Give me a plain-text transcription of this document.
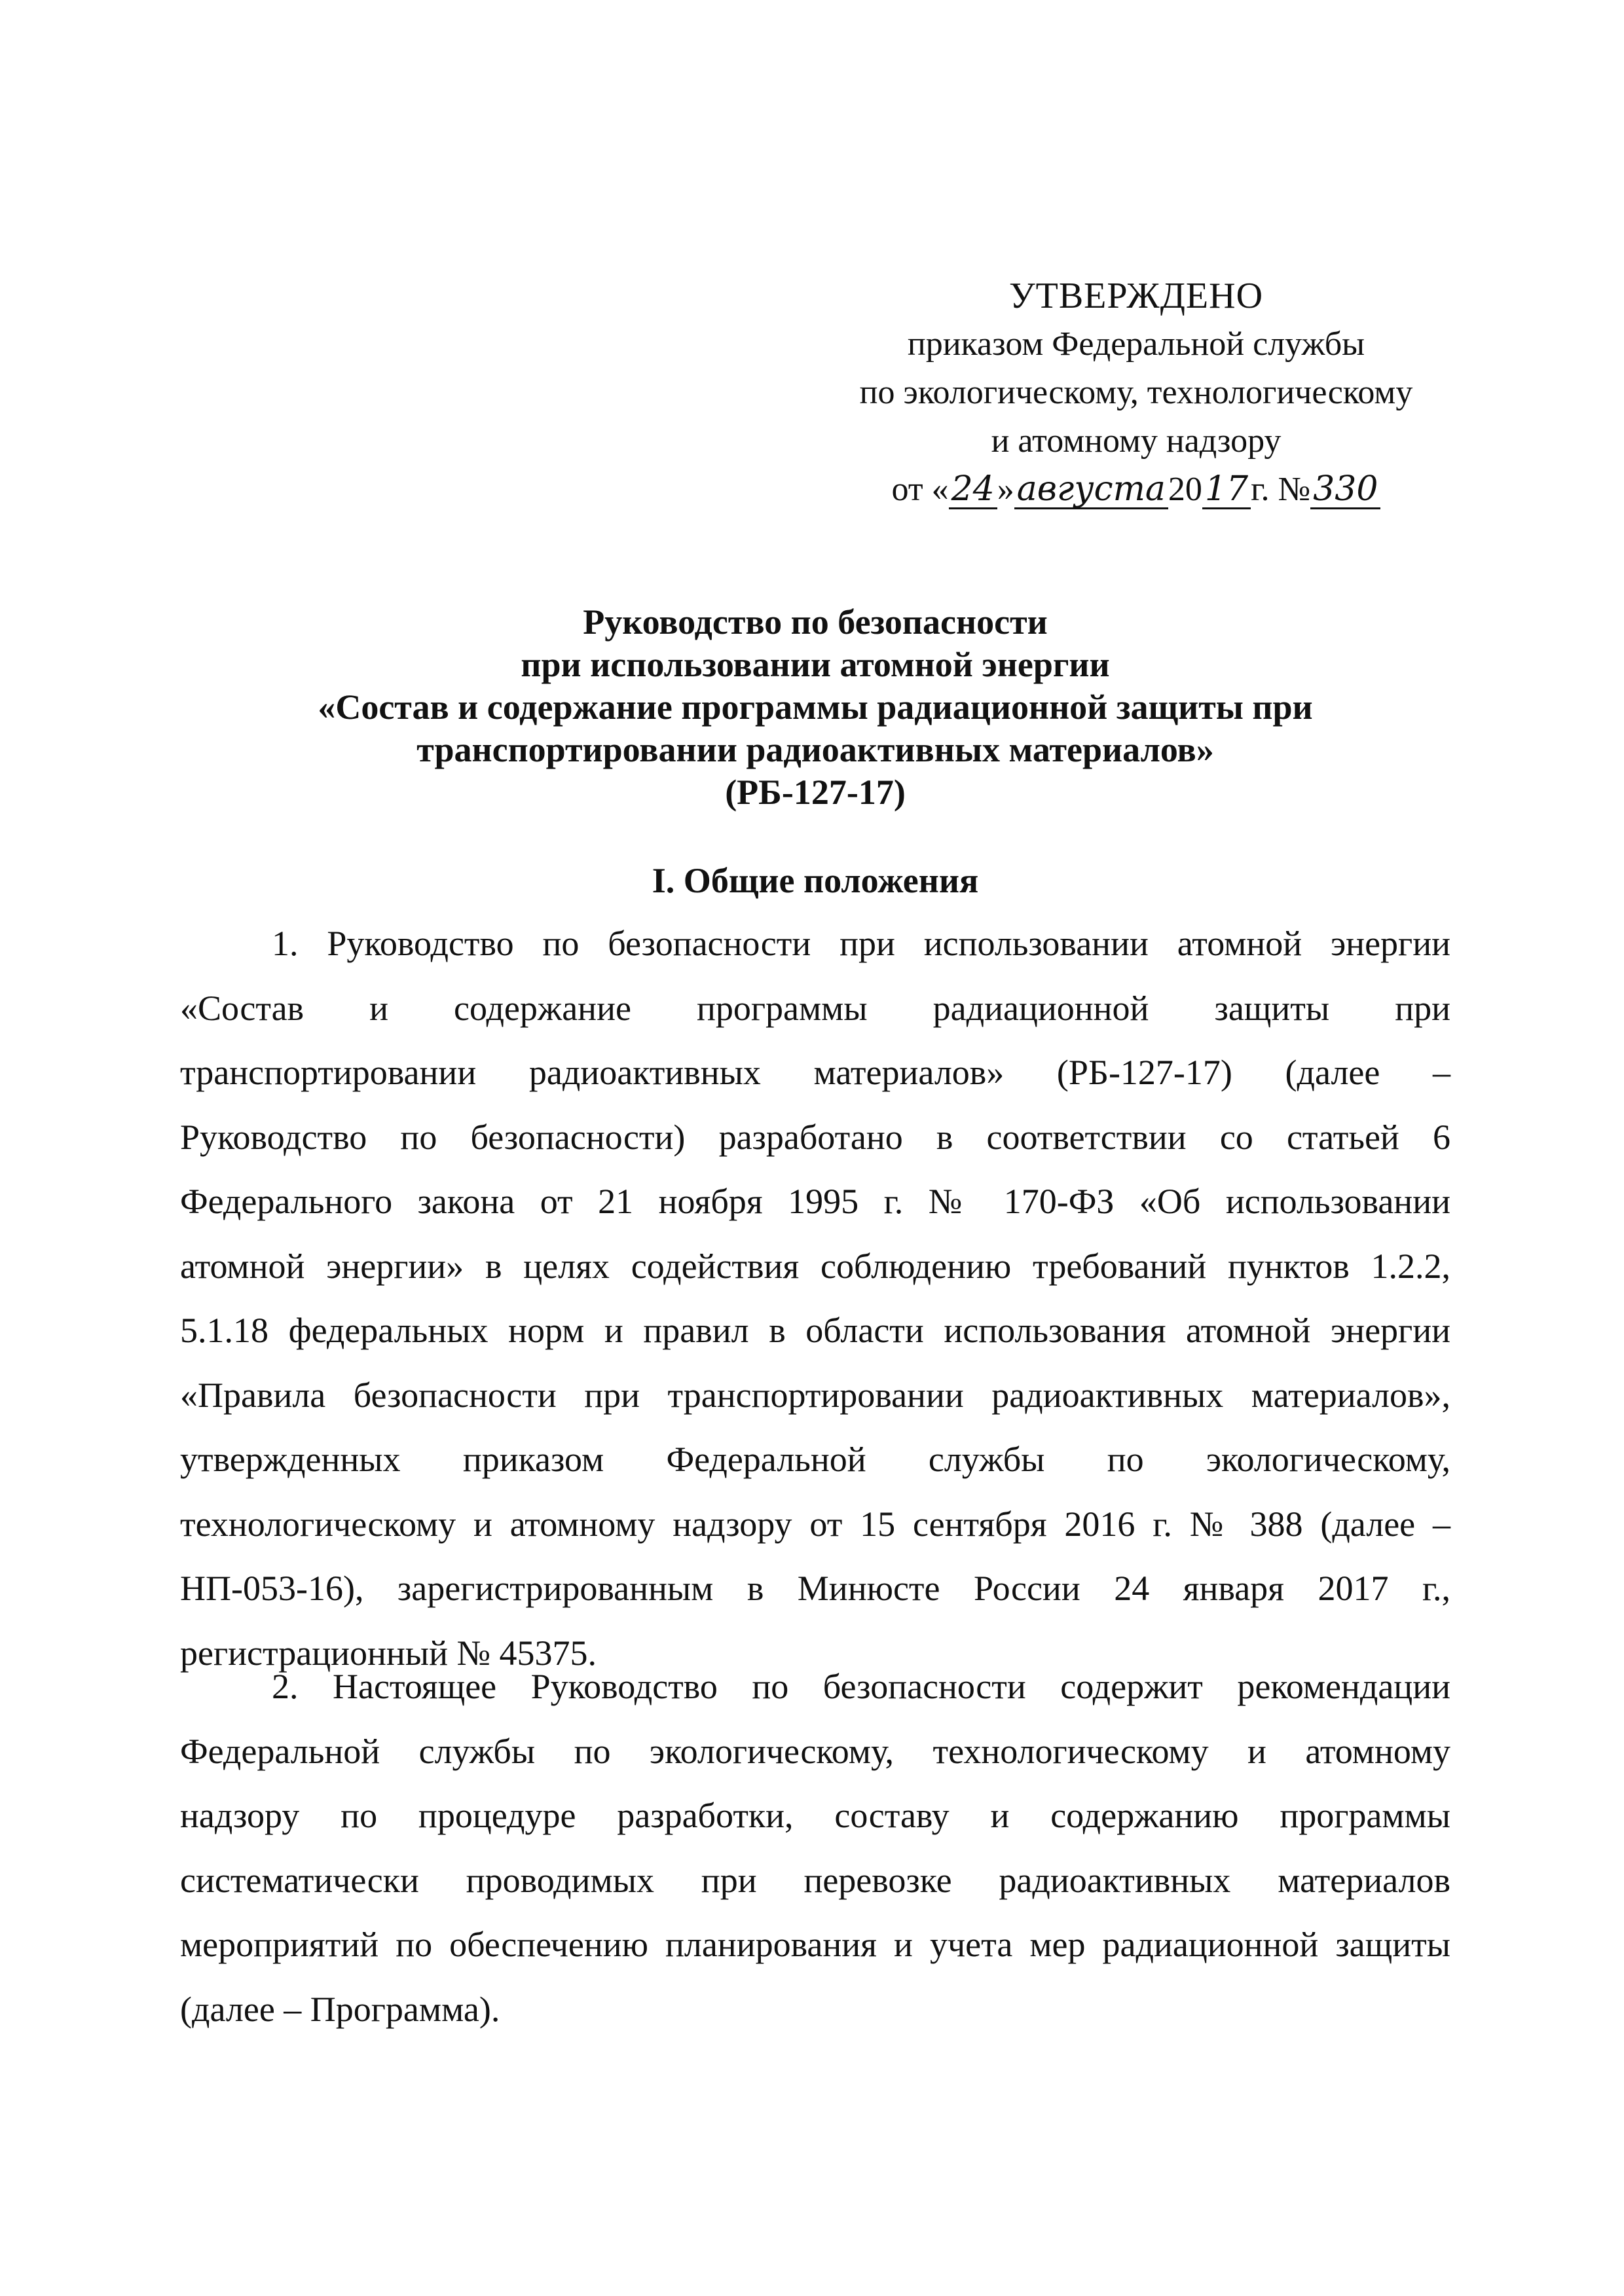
УТВЕРЖДЕНО
приказом Федеральной службы
по экологическому, технологическому
и атомному надзору
от «24»августа2017г. №330
Руководство по безопасности
при использовании атомной энергии
«Состав и содержание программы радиационной защиты при
транспортировании радиоактивных материалов»
(РБ-127-17)
I. Общие положения
1. Руководство по безопасности при использовании атомной энергии
«Состав и содержание программы радиационной защиты при
транспортировании радиоактивных материалов» (РБ-127-17) (далее –
Руководство по безопасности) разработано в соответствии со статьей 6
Федерального закона от 21 ноября 1995 г. № 170-ФЗ «Об использовании
атомной энергии» в целях содействия соблюдению требований пунктов 1.2.2,
5.1.18 федеральных норм и правил в области использования атомной энергии
«Правила безопасности при транспортировании радиоактивных материалов»,
утвержденных приказом Федеральной службы по экологическому,
технологическому и атомному надзору от 15 сентября 2016 г. № 388 (далее –
НП-053-16), зарегистрированным в Минюсте России 24 января 2017 г.,
регистрационный № 45375.
2. Настоящее Руководство по безопасности содержит рекомендации
Федеральной службы по экологическому, технологическому и атомному
надзору по процедуре разработки, составу и содержанию программы
систематически проводимых при перевозке радиоактивных материалов
мероприятий по обеспечению планирования и учета мер радиационной защиты
(далее – Программа).
